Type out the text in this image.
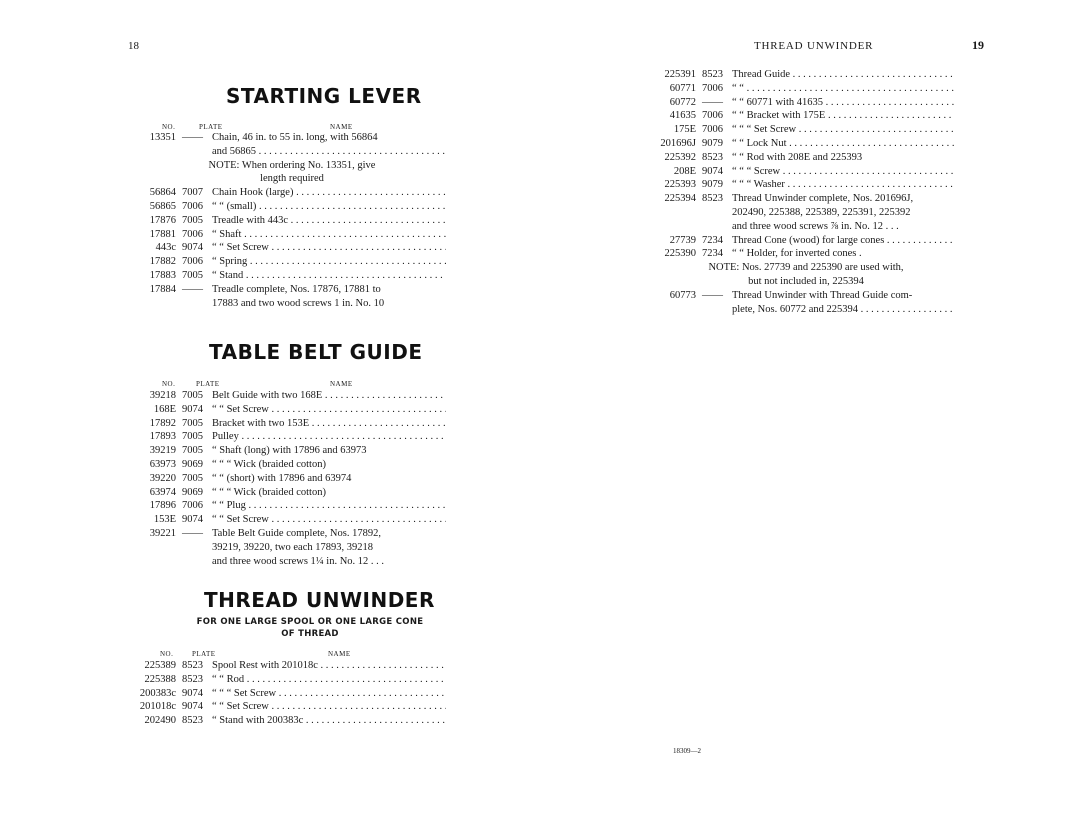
18
STARTING LEVER
NO.	PLATE	NAME
13351 —— Chain, 46 in. to 55 in. long, with 56864
and 56865 . . .
NOTE: When ordering No. 13351, give
length required
56864 7007 Chain Hook (large) . . .
56865 7006 “ “ (small) . . .
17876 7005 Treadle with 443c . . .
17881 7006 “ Shaft . . .
443c 9074 “ “ Set Screw . . .
17882 7006 “ Spring . . .
17883 7005 “ Stand . . .
17884 —— Treadle complete, Nos. 17876, 17881 to
17883 and two wood screws 1 in. No. 10
TABLE BELT GUIDE
NO.	PLATE	NAME
39218 7005 Belt Guide with two 168E . . .
168E 9074 “ “ Set Screw . . .
17892 7005 Bracket with two 153E . . .
17893 7005 Pulley . . .
39219 7005 “ Shaft (long) with 17896 and 63973
63973 9069 “ “ “ Wick (braided cotton)
39220 7005 “ “ (short) with 17896 and 63974
63974 9069 “ “ “ Wick (braided cotton)
17896 7006 “ “ Plug . . .
153E 9074 “ “ Set Screw . . .
39221 —— Table Belt Guide complete, Nos. 17892,
39219, 39220, two each 17893, 39218
and three wood screws 1¼ in. No. 12 . . .
THREAD UNWINDER
FOR ONE LARGE SPOOL OR ONE LARGE CONE
OF THREAD
NO.	PLATE	NAME
225389 8523 Spool Rest with 201018c . . .
225388 8523 “ “ Rod . . .
200383c 9074 “ “ “ Set Screw . . .
201018c 9074 “ “ Set Screw . . .
202490 8523 “ Stand with 200383c . . .
THREAD UNWINDER	19
225391 8523 Thread Guide . . .
60771 7006 “ “ . . .
60772 —— “ “ 60771 with 41635 . . .
41635 7006 “ “ Bracket with 175E . . .
175E 7006 “ “ “ Set Screw . . .
201696J 9079 “ “ Lock Nut . . .
225392 8523 “ “ Rod with 208E and 225393
208E 9074 “ “ “ Screw . . .
225393 9079 “ “ “ Washer . . .
225394 8523 Thread Unwinder complete, Nos. 201696J,
202490, 225388, 225389, 225391, 225392
and three wood screws ⅞ in. No. 12 . . .
27739 7234 Thread Cone (wood) for large cones . . .
225390 7234 “ “ Holder, for inverted cones .
NOTE: Nos. 27739 and 225390 are used with,
but not included in, 225394
60773 —— Thread Unwinder with Thread Guide com-
plete, Nos. 60772 and 225394 . . .
18309—2
